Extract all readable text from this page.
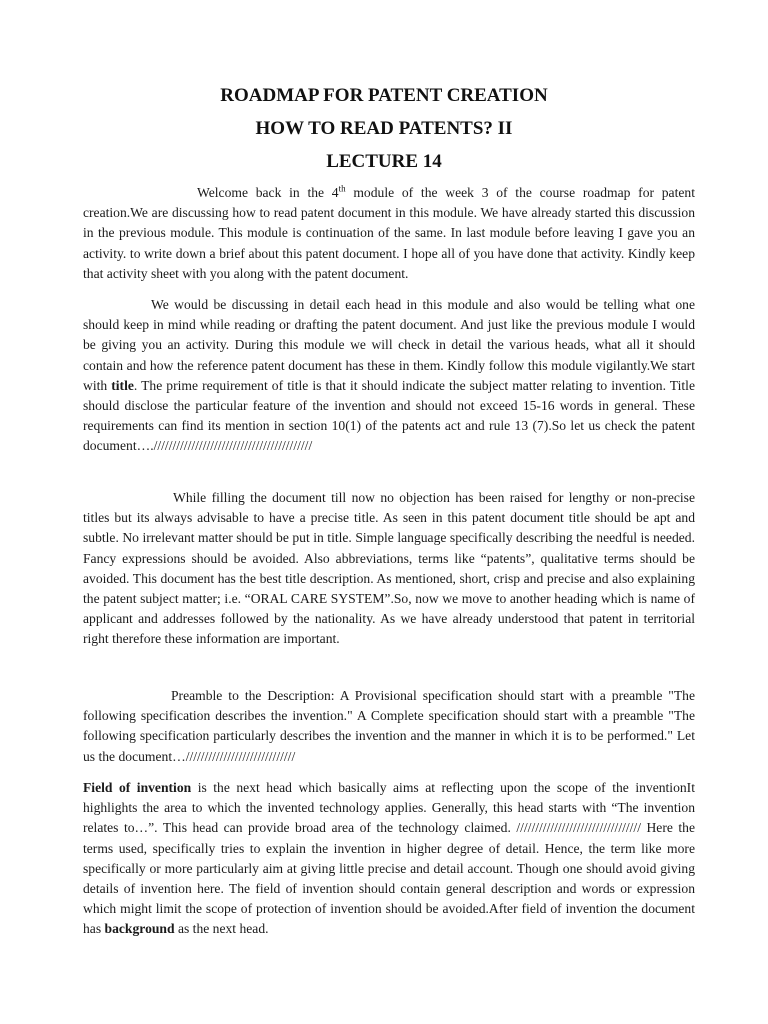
ROADMAP FOR PATENT CREATION
HOW TO READ PATENTS? II
LECTURE 14
Welcome back in the 4th module of the week 3 of the course roadmap for patent creation.We are discussing how to read patent document in this module. We have already started this discussion in the previous module. This module is continuation of the same. In last module before leaving I gave you an activity. to write down a brief about this patent document. I hope all of you have done that activity. Kindly keep that activity sheet with you along with the patent document.
We would be discussing in detail each head in this module and also would be telling what one should keep in mind while reading or drafting the patent document. And just like the previous module I would be giving you an activity. During this module we will check in detail the various heads, what all it should contain and how the reference patent document has these in them. Kindly follow this module vigilantly.We start with title. The prime requirement of title is that it should indicate the subject matter relating to invention. Title should disclose the particular feature of the invention and should not exceed 15-16 words in general. These requirements can find its mention in section 10(1) of the patents act and rule 13 (7).So let us check the patent document….//////////////////////////////////////////
While filling the document till now no objection has been raised for lengthy or non-precise titles but its always advisable to have a precise title. As seen in this patent document title should be apt and subtle. No irrelevant matter should be put in title. Simple language specifically describing the needful is needed. Fancy expressions should be avoided. Also abbreviations, terms like “patents”, qualitative terms should be avoided. This document has the best title description. As mentioned, short, crisp and precise and also explaining the patent subject matter; i.e. “ORAL CARE SYSTEM”.So, now we move to another heading which is name of applicant and addresses followed by the nationality. As we have already understood that patent in territorial right therefore these information are important.
Preamble to the Description: A Provisional specification should start with a preamble "The following specification describes the invention." A Complete specification should start with a preamble "The following specification particularly describes the invention and the manner in which it is to be performed." Let us the document…/////////////////////////////
Field of invention is the next head which basically aims at reflecting upon the scope of the inventionIt highlights the area to which the invented technology applies. Generally, this head starts with “The invention relates to…”. This head can provide broad area of the technology claimed. ///////////////////////////////// Here the terms used, specifically tries to explain the invention in higher degree of detail. Hence, the term like more specifically or more particularly aim at giving little precise and detail account. Though one should avoid giving details of invention here. The field of invention should contain general description and words or expression which might limit the scope of protection of invention should be avoided.After field of invention the document has background as the next head.
